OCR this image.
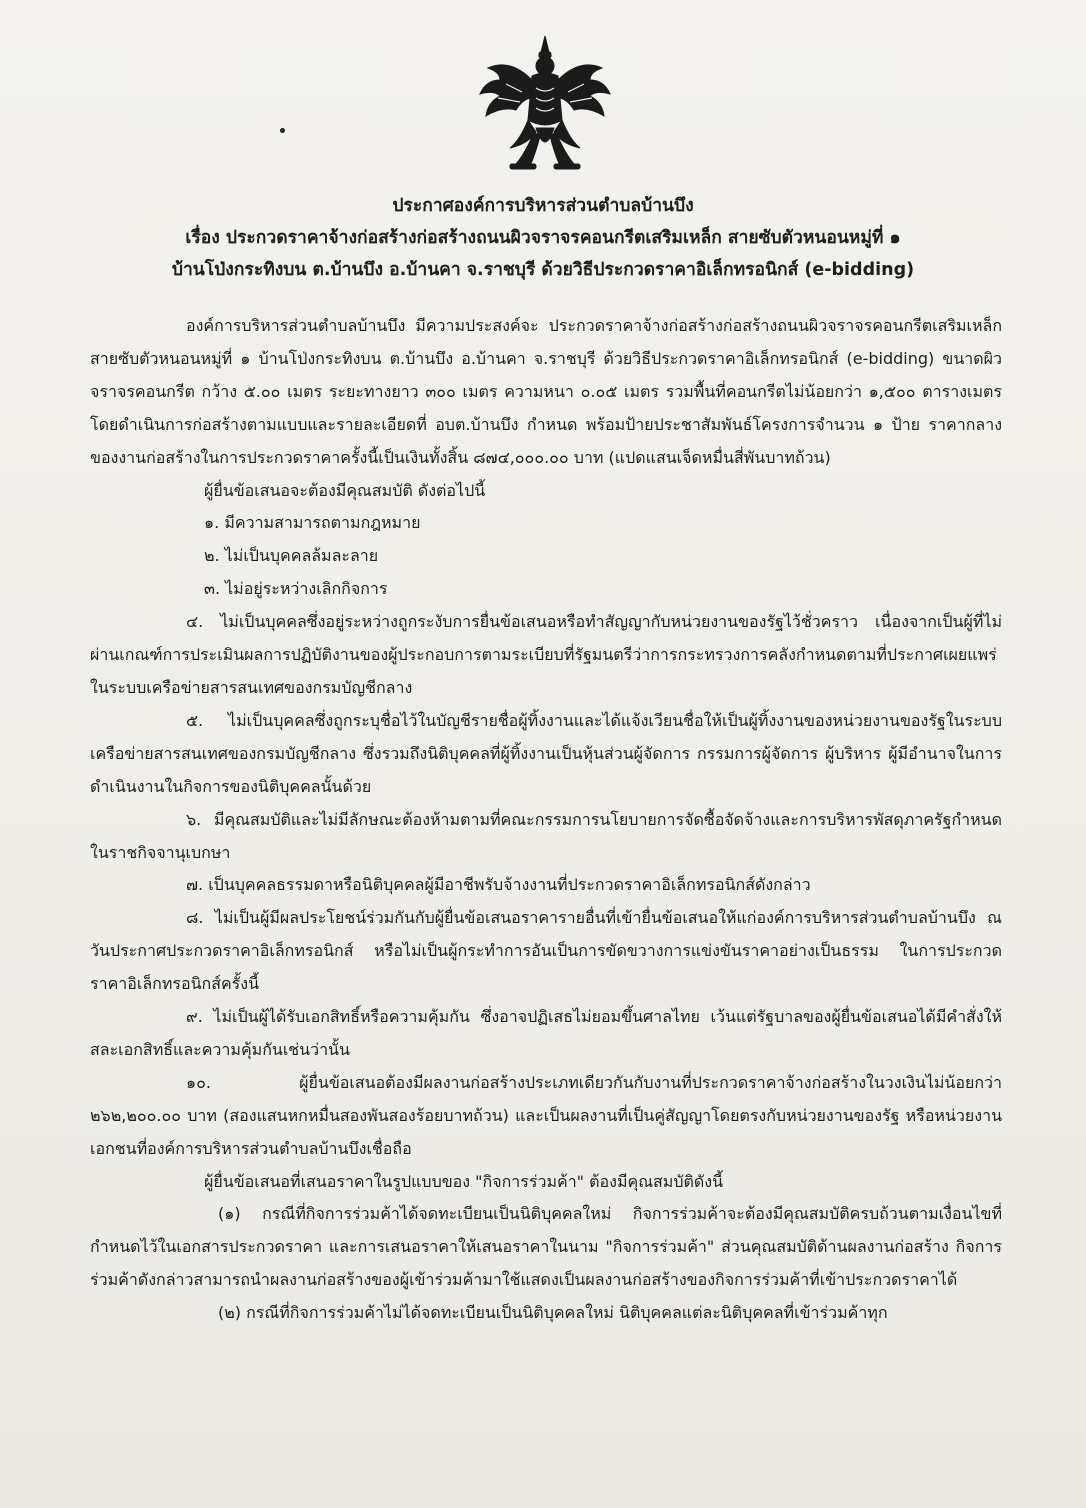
ประกาศองค์การบริหารส่วนตำบลบ้านบึง
เรื่อง ประกวดราคาจ้างก่อสร้างก่อสร้างถนนผิวจราจรคอนกรีตเสริมเหล็ก สายซับตัวหนอนหมู่ที่ ๑
บ้านโป่งกระทิงบน ต.บ้านบึง อ.บ้านคา จ.ราชบุรี ด้วยวิธีประกวดราคาอิเล็กทรอนิกส์ (e-bidding)

องค์การบริหารส่วนตำบลบ้านบึง มีความประสงค์จะ ประกวดราคาจ้างก่อสร้างก่อสร้างถนนผิวจราจรคอนกรีตเสริมเหล็ก สายซับตัวหนอนหมู่ที่ ๑ บ้านโป่งกระทิงบน ต.บ้านบึง อ.บ้านคา จ.ราชบุรี ด้วยวิธีประกวดราคาอิเล็กทรอนิกส์ (e-bidding) ขนาดผิวจราจรคอนกรีต กว้าง ๕.๐๐ เมตร ระยะทางยาว ๓๐๐ เมตร ความหนา ๐.๐๕ เมตร รวมพื้นที่คอนกรีตไม่น้อยกว่า ๑,๕๐๐ ตารางเมตร โดยดำเนินการก่อสร้างตามแบบและรายละเอียดที่ อบต.บ้านบึง กำหนด พร้อมป้ายประชาสัมพันธ์โครงการจำนวน ๑ ป้าย ราคากลางของงานก่อสร้างในการประกวดราคาครั้งนี้เป็นเงินทั้งสิ้น ๘๗๔,๐๐๐.๐๐ บาท (แปดแสนเจ็ดหมื่นสี่พันบาทถ้วน)

ผู้ยื่นข้อเสนอจะต้องมีคุณสมบัติ ดังต่อไปนี้

๑. มีความสามารถตามกฎหมาย

๒. ไม่เป็นบุคคลล้มละลาย

๓. ไม่อยู่ระหว่างเลิกกิจการ

๔. ไม่เป็นบุคคลซึ่งอยู่ระหว่างถูกระงับการยื่นข้อเสนอหรือทำสัญญากับหน่วยงานของรัฐไว้ชั่วคราว เนื่องจากเป็นผู้ที่ไม่ผ่านเกณฑ์การประเมินผลการปฏิบัติงานของผู้ประกอบการตามระเบียบที่รัฐมนตรีว่าการกระทรวงการคลังกำหนดตามที่ประกาศเผยแพร่ในระบบเครือข่ายสารสนเทศของกรมบัญชีกลาง

๕. ไม่เป็นบุคคลซึ่งถูกระบุชื่อไว้ในบัญชีรายชื่อผู้ทิ้งงานและได้แจ้งเวียนชื่อให้เป็นผู้ทิ้งงานของหน่วยงานของรัฐในระบบเครือข่ายสารสนเทศของกรมบัญชีกลาง ซึ่งรวมถึงนิติบุคคลที่ผู้ทิ้งงานเป็นหุ้นส่วนผู้จัดการ กรรมการผู้จัดการ ผู้บริหาร ผู้มีอำนาจในการดำเนินงานในกิจการของนิติบุคคลนั้นด้วย

๖. มีคุณสมบัติและไม่มีลักษณะต้องห้ามตามที่คณะกรรมการนโยบายการจัดซื้อจัดจ้างและการบริหารพัสดุภาครัฐกำหนดในราชกิจจานุเบกษา

๗. เป็นบุคคลธรรมดาหรือนิติบุคคลผู้มีอาชีพรับจ้างงานที่ประกวดราคาอิเล็กทรอนิกส์ดังกล่าว

๘. ไม่เป็นผู้มีผลประโยชน์ร่วมกันกับผู้ยื่นข้อเสนอราคารายอื่นที่เข้ายื่นข้อเสนอให้แก่องค์การบริหารส่วนตำบลบ้านบึง ณ วันประกาศประกวดราคาอิเล็กทรอนิกส์ หรือไม่เป็นผู้กระทำการอันเป็นการขัดขวางการแข่งขันราคาอย่างเป็นธรรม ในการประกวดราคาอิเล็กทรอนิกส์ครั้งนี้

๙. ไม่เป็นผู้ได้รับเอกสิทธิ์หรือความคุ้มกัน ซึ่งอาจปฏิเสธไม่ยอมขึ้นศาลไทย เว้นแต่รัฐบาลของผู้ยื่นข้อเสนอได้มีคำสั่งให้สละเอกสิทธิ์และความคุ้มกันเช่นว่านั้น

๑๐. ผู้ยื่นข้อเสนอต้องมีผลงานก่อสร้างประเภทเดียวกันกับงานที่ประกวดราคาจ้างก่อสร้างในวงเงินไม่น้อยกว่า ๒๖๒,๒๐๐.๐๐ บาท (สองแสนหกหมื่นสองพันสองร้อยบาทถ้วน) และเป็นผลงานที่เป็นคู่สัญญาโดยตรงกับหน่วยงานของรัฐ หรือหน่วยงานเอกชนที่องค์การบริหารส่วนตำบลบ้านบึงเชื่อถือ

ผู้ยื่นข้อเสนอที่เสนอราคาในรูปแบบของ "กิจการร่วมค้า" ต้องมีคุณสมบัติดังนี้

(๑) กรณีที่กิจการร่วมค้าได้จดทะเบียนเป็นนิติบุคคลใหม่ กิจการร่วมค้าจะต้องมีคุณสมบัติครบถ้วนตามเงื่อนไขที่กำหนดไว้ในเอกสารประกวดราคา และการเสนอราคาให้เสนอราคาในนาม "กิจการร่วมค้า" ส่วนคุณสมบัติด้านผลงานก่อสร้าง กิจการร่วมค้าดังกล่าวสามารถนำผลงานก่อสร้างของผู้เข้าร่วมค้ามาใช้แสดงเป็นผลงานก่อสร้างของกิจการร่วมค้าที่เข้าประกวดราคาได้

(๒) กรณีที่กิจการร่วมค้าไม่ได้จดทะเบียนเป็นนิติบุคคลใหม่ นิติบุคคลแต่ละนิติบุคคลที่เข้าร่วมค้าทุก
